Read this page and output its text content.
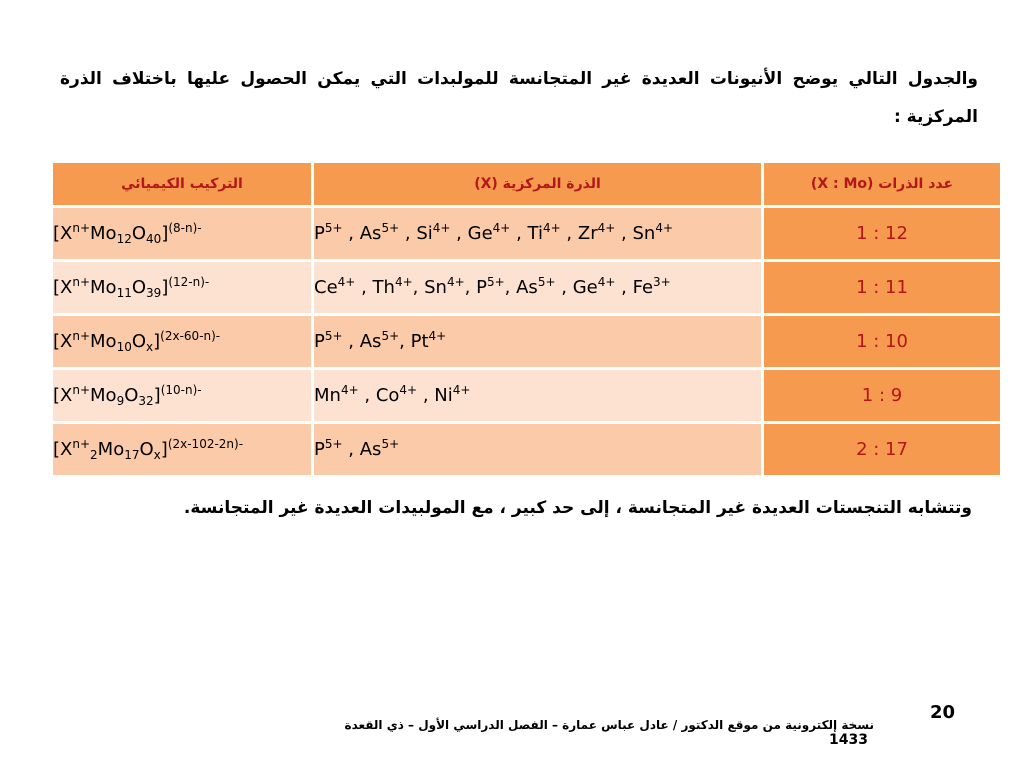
والجدول التالي يوضح الأنيونات العديدة غير المتجانسة للمولبدات التي يمكن الحصول عليها باختلاف الذرة المركزية :

التركيب الكيميائي	الذرة المركزية (X)	عدد الذرات (X : Mo)
$[X^{n+}Mo_{12}O_{40}]^{(8-n)-}$	$P^{5+}$ , $As^{5+}$ , $Si^{4+}$ , $Ge^{4+}$ , $Ti^{4+}$ , $Zr^{4+}$ , $Sn^{4+}$	1 : 12
$[X^{n+}Mo_{11}O_{39}]^{(12-n)-}$	$Ce^{4+}$ , $Th^{4+}$, $Sn^{4+}$, $P^{5+}$, $As^{5+}$ , $Ge^{4+}$ , $Fe^{3+}$	1 : 11
$[X^{n+}Mo_{10}O_x]^{(2x-60-n)-}$	$P^{5+}$ , $As^{5+}$, $Pt^{4+}$	1 : 10
$[X^{n+}Mo_9O_{32}]^{(10-n)-}$	$Mn^{4+}$ , $Co^{4+}$ , $Ni^{4+}$	1 : 9
$[X^{n+}_2Mo_{17}O_x]^{(2x-102-2n)-}$	$P^{5+}$ , $As^{5+}$	2 : 17

وتتشابه التنجستات العديدة غير المتجانسة ، إلى حد كبير ، مع المولبيدات العديدة غير المتجانسة.

20

نسخة إلكترونية من موقع الدكتور / عادل عباس عمارة – الفصل الدراسي الأول – ذي القعدة 1433
